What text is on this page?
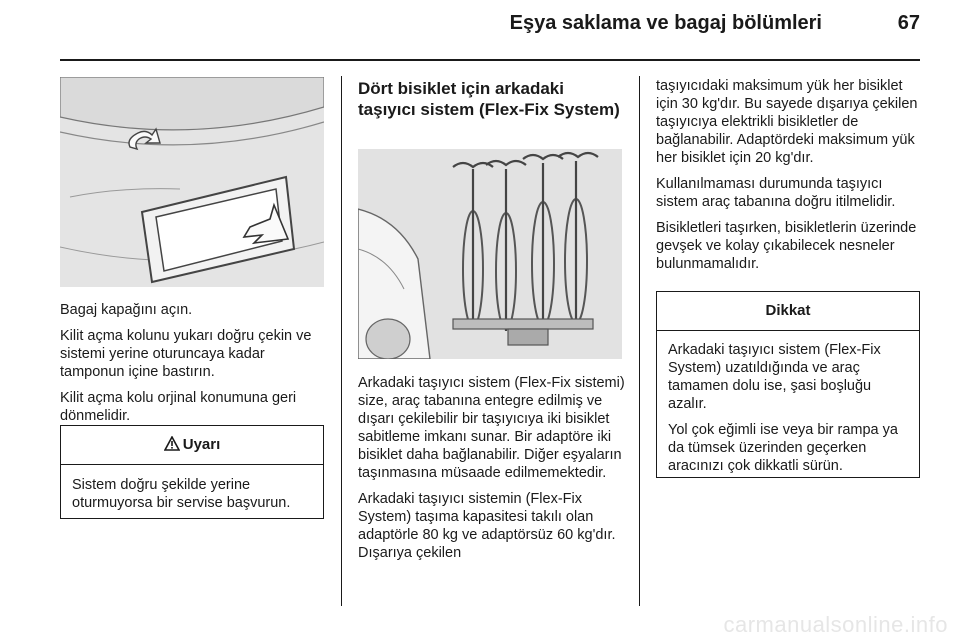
Eşya saklama ve bagaj bölümleri	67

Bagaj kapağını açın.

Kilit açma kolunu yukarı doğru çekin ve sistemi yerine oturuncaya kadar tamponun içine bastırın.

Kilit açma kolu orjinal konumuna geri dönmelidir.

Uyarı
Sistem doğru şekilde yerine oturmuyorsa bir servise başvurun.
Dört bisiklet için arkadaki taşıyıcı sistem (Flex-Fix System)

Arkadaki taşıyıcı sistem (Flex-Fix sistemi) size, araç tabanına entegre edilmiş ve dışarı çekilebilir bir taşıyıcıya iki bisiklet sabitleme imkanı sunar. Bir adaptöre iki bisiklet daha bağlanabilir. Diğer eşyaların taşınmasına müsaade edilmemektedir.

Arkadaki taşıyıcı sistemin (Flex-Fix System) taşıma kapasitesi takılı olan adaptörle 80 kg ve adaptörsüz 60 kg'dır. Dışarıya çekilen

taşıyıcıdaki maksimum yük her bisiklet için 30 kg'dır. Bu sayede dışarıya çekilen taşıyıcıya elektrikli bisikletler de bağlanabilir. Adaptördeki maksimum yük her bisiklet için 20 kg'dır.

Kullanılmaması durumunda taşıyıcı sistem araç tabanına doğru itilmelidir.

Bisikletleri taşırken, bisikletlerin üzerinde gevşek ve kolay çıkabilecek nesneler bulunmamalıdır.

Dikkat

Arkadaki taşıyıcı sistem (Flex-Fix System) uzatıldığında ve araç tamamen dolu ise, şasi boşluğu azalır.

Yol çok eğimli ise veya bir rampa ya da tümsek üzerinden geçerken aracınızı çok dikkatli sürün.

carmanualsonline.info
